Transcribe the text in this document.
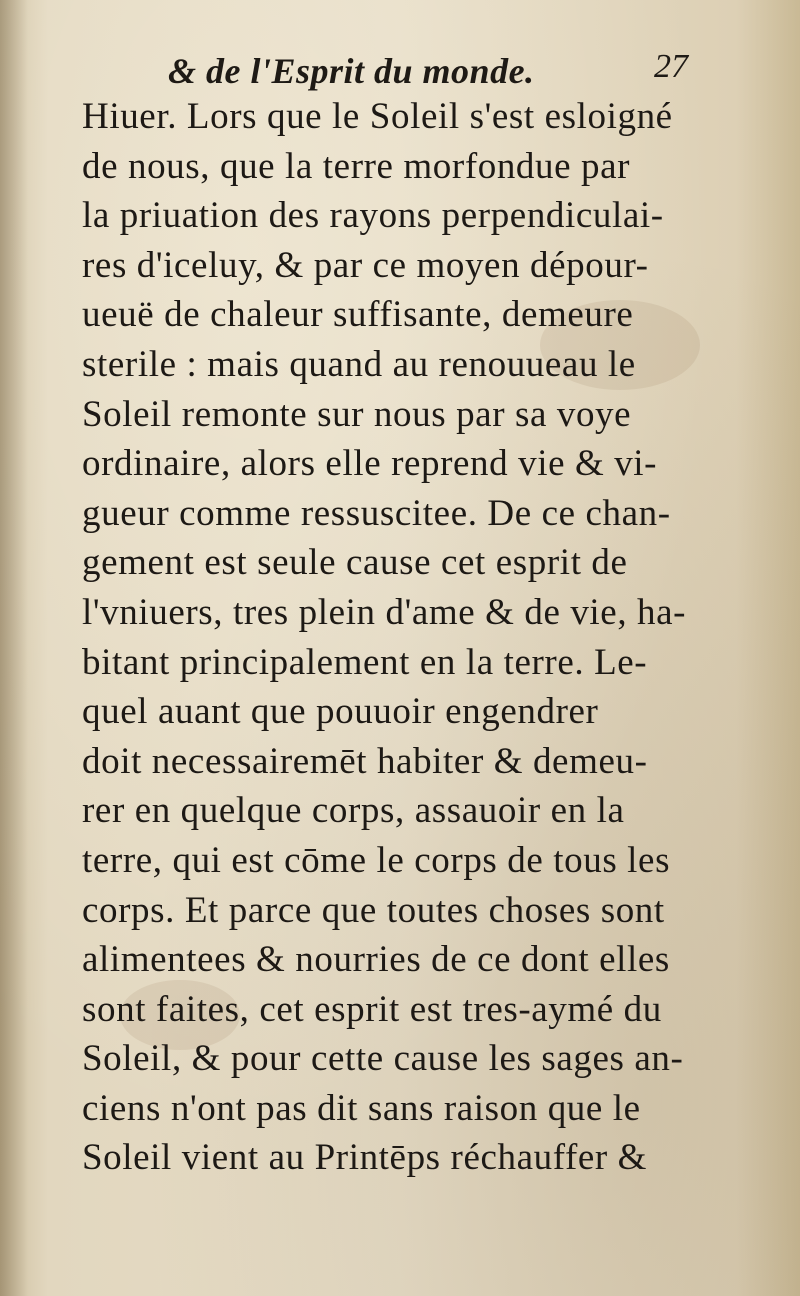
& de l'Esprit du monde.	27
Hiuer. Lors que le Soleil s'est esloigné
de nous, que la terre morfondue par
la priuation des rayons perpendiculai-
res d'iceluy, & par ce moyen dépour-
ueuë de chaleur suffisante, demeure
sterile : mais quand au renouueau le
Soleil remonte sur nous par sa voye
ordinaire, alors elle reprend vie & vi-
gueur comme ressuscitee. De ce chan-
gement est seule cause cet esprit de
l'vniuers, tres plein d'ame & de vie, ha-
bitant principalement en la terre. Le-
quel auant que pouuoir engendrer
doit necessairemēt habiter & demeu-
rer en quelque corps, assauoir en la
terre, qui est cōme le corps de tous les
corps. Et parce que toutes choses sont
alimentees & nourries de ce dont elles
sont faites, cet esprit est tres-aymé du
Soleil, & pour cette cause les sages an-
ciens n'ont pas dit sans raison que le
Soleil vient au Printēps réchauffer &
